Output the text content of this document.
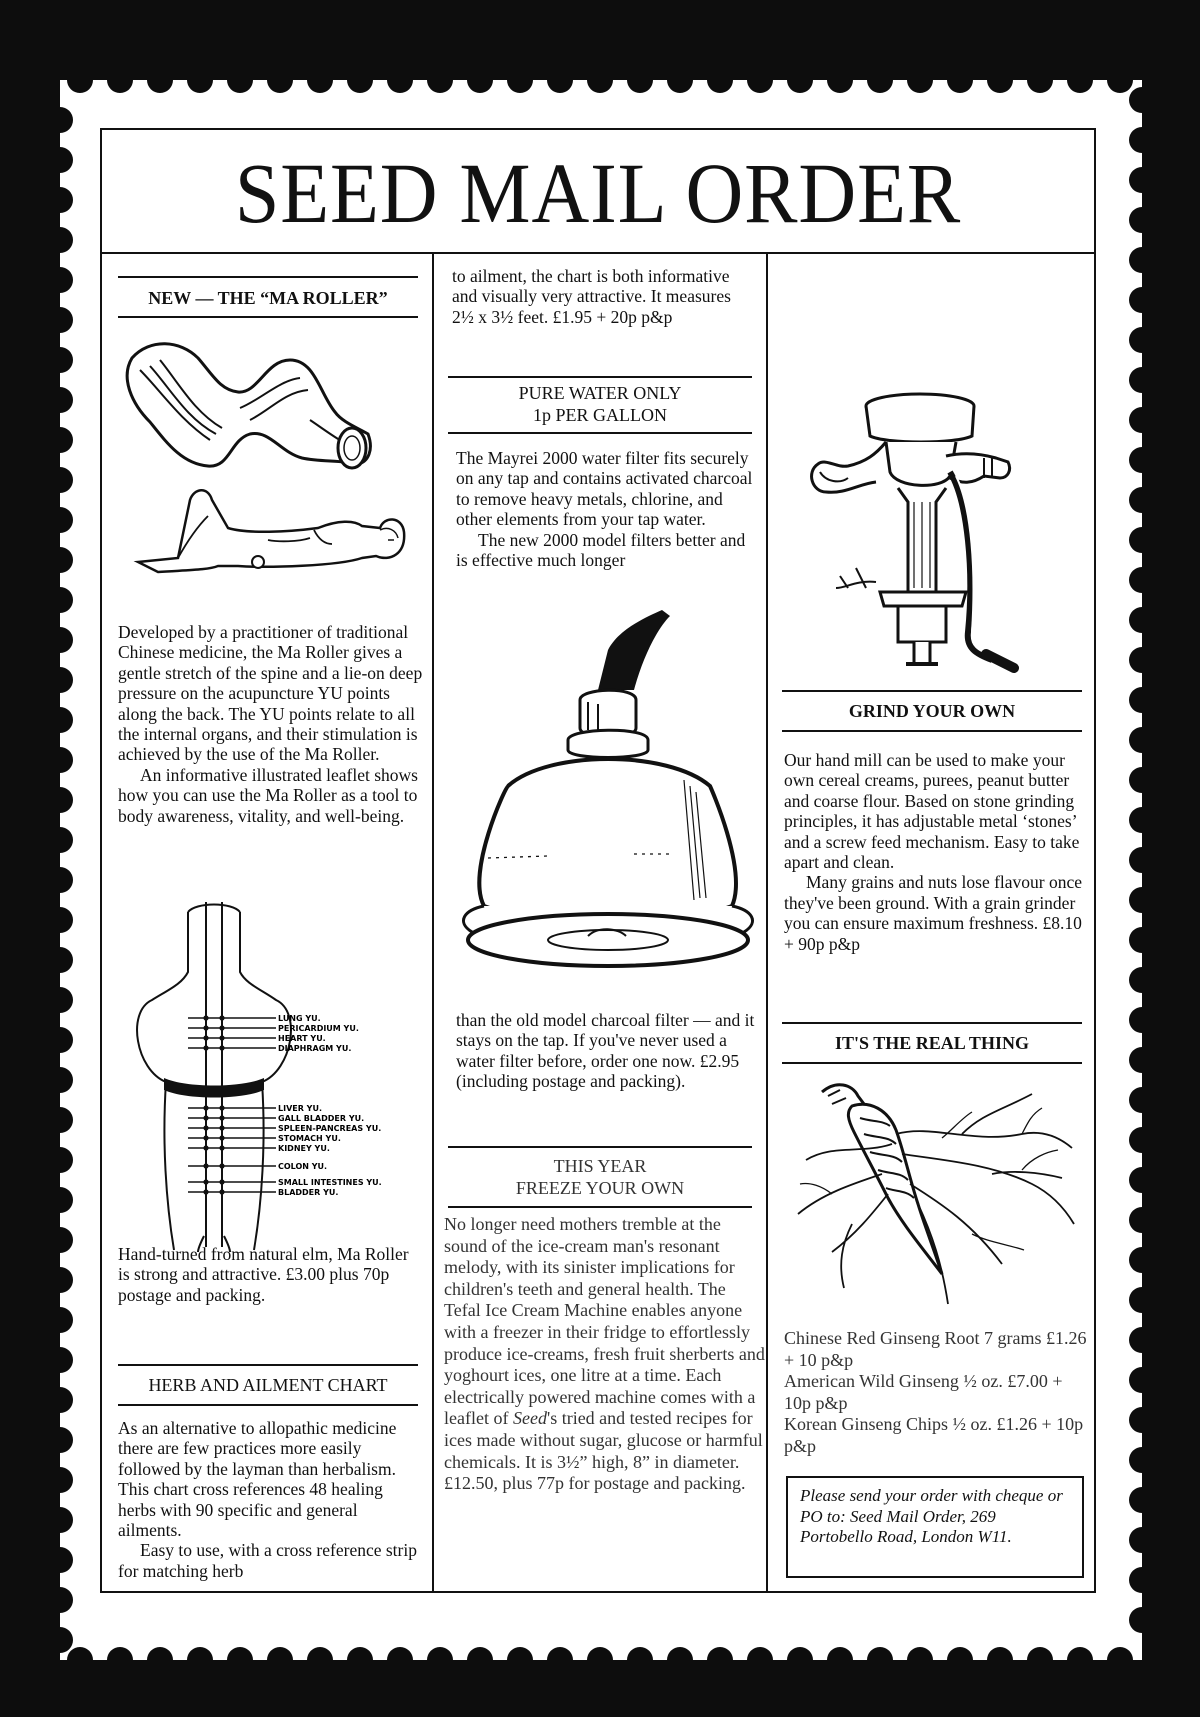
SEED MAIL ORDER
NEW — THE “MA ROLLER”

Developed by a practitioner of traditional Chinese medicine, the Ma Roller gives a gentle stretch of the spine and a lie-on deep pressure on the acupuncture YU points along the back. The YU points relate to all the internal organs, and their stimulation is achieved by the use of the Ma Roller.

An informative illustrated leaflet shows how you can use the Ma Roller as a tool to body awareness, vitality, and well-being.

LUNG YU.
PERICARDIUM YU.
HEART YU.
DIAPHRAGM YU.
LIVER YU.
GALL BLADDER YU.
SPLEEN-PANCREAS YU.
STOMACH YU.
KIDNEY YU.
COLON YU.
SMALL INTESTINES YU.
BLADDER YU.

Hand-turned from natural elm, Ma Roller is strong and attractive. £3.00 plus 70p postage and packing.

HERB AND AILMENT CHART

As an alternative to allopathic medicine there are few practices more easily followed by the layman than herbalism. This chart cross references 48 healing herbs with 90 specific and general ailments.

Easy to use, with a cross reference strip for matching herb

to ailment, the chart is both informative and visually very attractive. It measures 2½ x 3½ feet. £1.95 + 20p p&p

PURE WATER ONLY
1p PER GALLON

The Mayrei 2000 water filter fits securely on any tap and contains activated charcoal to remove heavy metals, chlorine, and other elements from your tap water.

The new 2000 model filters better and is effective much longer

than the old model charcoal filter — and it stays on the tap. If you've never used a water filter before, order one now. £2.95 (including postage and packing).

THIS YEAR
FREEZE YOUR OWN

No longer need mothers tremble at the sound of the ice-cream man's resonant melody, with its sinister implications for children's teeth and general health. The Tefal Ice Cream Machine enables anyone with a freezer in their fridge to effortlessly produce ice-creams, fresh fruit sherberts and yoghourt ices, one litre at a time. Each electrically powered machine comes with a leaflet of Seed's tried and tested recipes for ices made without sugar, glucose or harmful chemicals. It is 3½” high, 8” in diameter. £12.50, plus 77p for postage and packing.

GRIND YOUR OWN

Our hand mill can be used to make your own cereal creams, purees, peanut butter and coarse flour. Based on stone grinding principles, it has adjustable metal ‘stones’ and a screw feed mechanism. Easy to take apart and clean.

Many grains and nuts lose flavour once they've been ground. With a grain grinder you can ensure maximum freshness. £8.10 + 90p p&p

IT'S THE REAL THING

Chinese Red Ginseng Root 7 grams £1.26 + 10 p&p

American Wild Ginseng ½ oz. £7.00 + 10p p&p

Korean Ginseng Chips ½ oz. £1.26 + 10p p&p

Please send your order with cheque or PO to: Seed Mail Order, 269 Portobello Road, London W11.
